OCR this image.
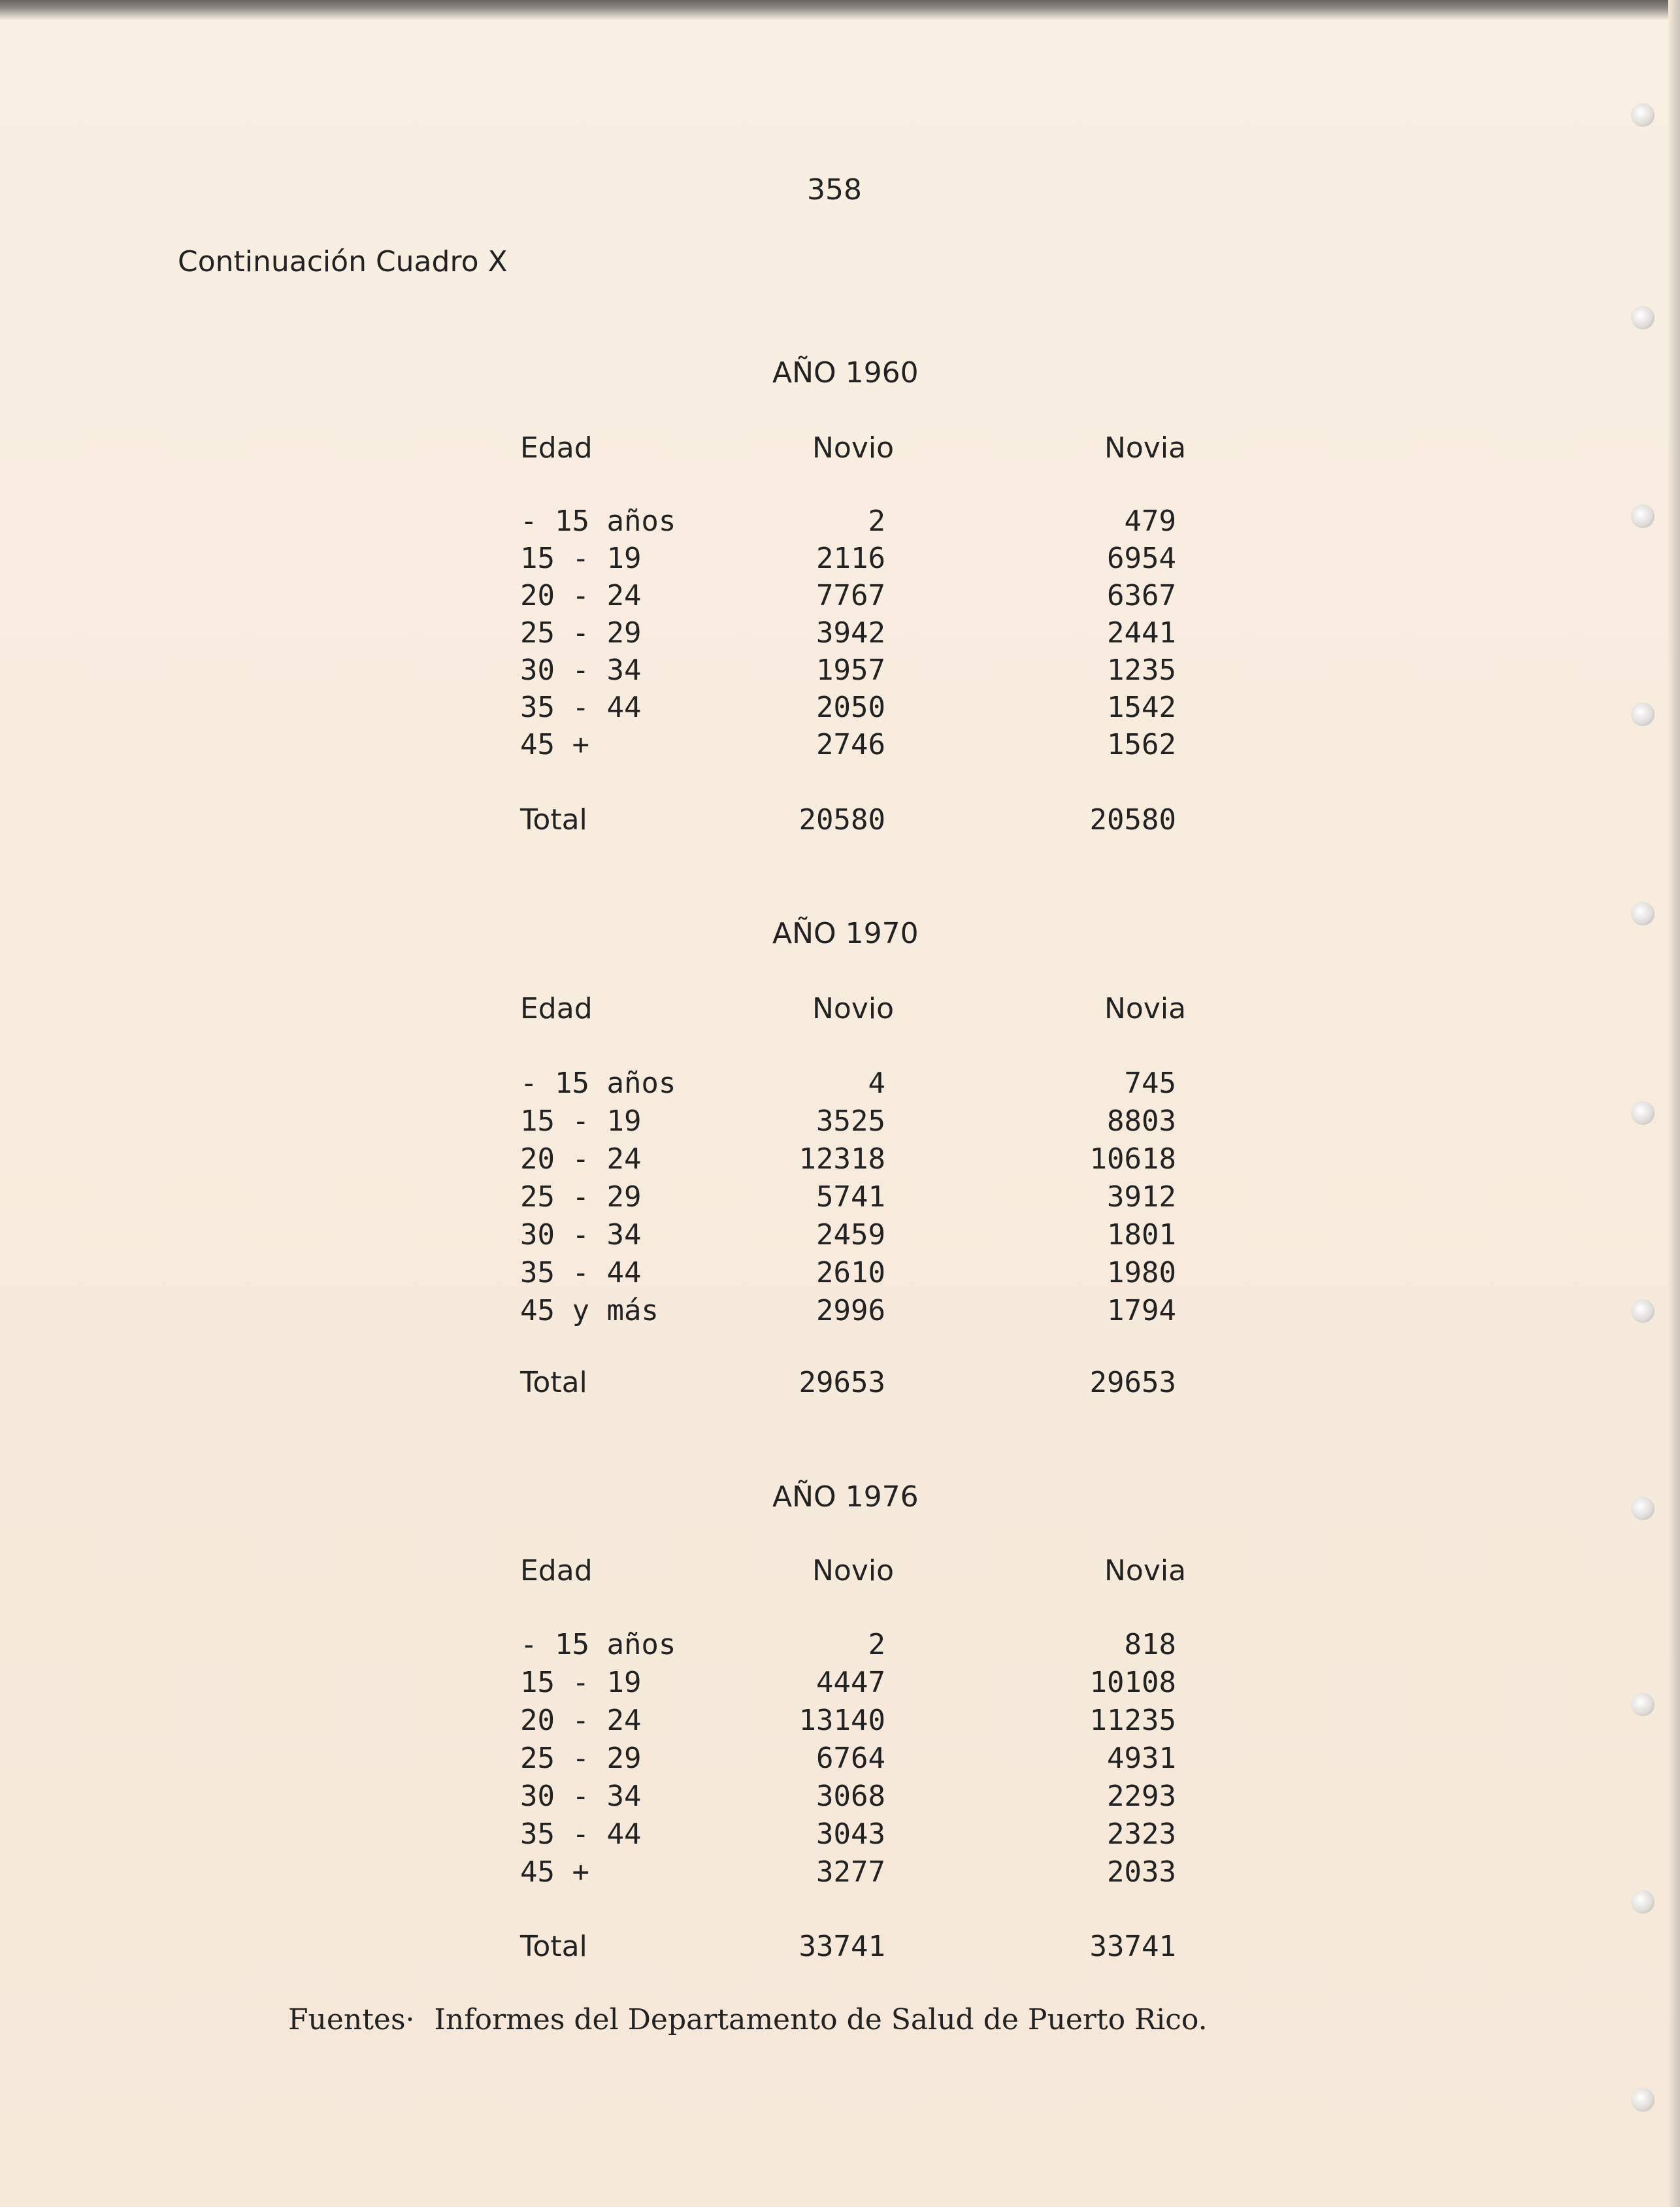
358
Continuación Cuadro X
AÑO 1960
Edad	Novio	Novia
- 15 años	2	479
15 - 19	2116	6954
20 - 24	7767	6367
25 - 29	3942	2441
30 - 34	1957	1235
35 - 44	2050	1542
45 +	2746	1562
Total	20580	20580
AÑO 1970
Edad	Novio	Novia
- 15 años	4	745
15 - 19	3525	8803
20 - 24	12318	10618
25 - 29	5741	3912
30 - 34	2459	1801
35 - 44	2610	1980
45 y más	2996	1794
Total	29653	29653
AÑO 1976
Edad	Novio	Novia
- 15 años	2	818
15 - 19	4447	10108
20 - 24	13140	11235
25 - 29	6764	4931
30 - 34	3068	2293
35 - 44	3043	2323
45 +	3277	2033
Total	33741	33741
Fuentes· Informes del Departamento de Salud de Puerto Rico.
